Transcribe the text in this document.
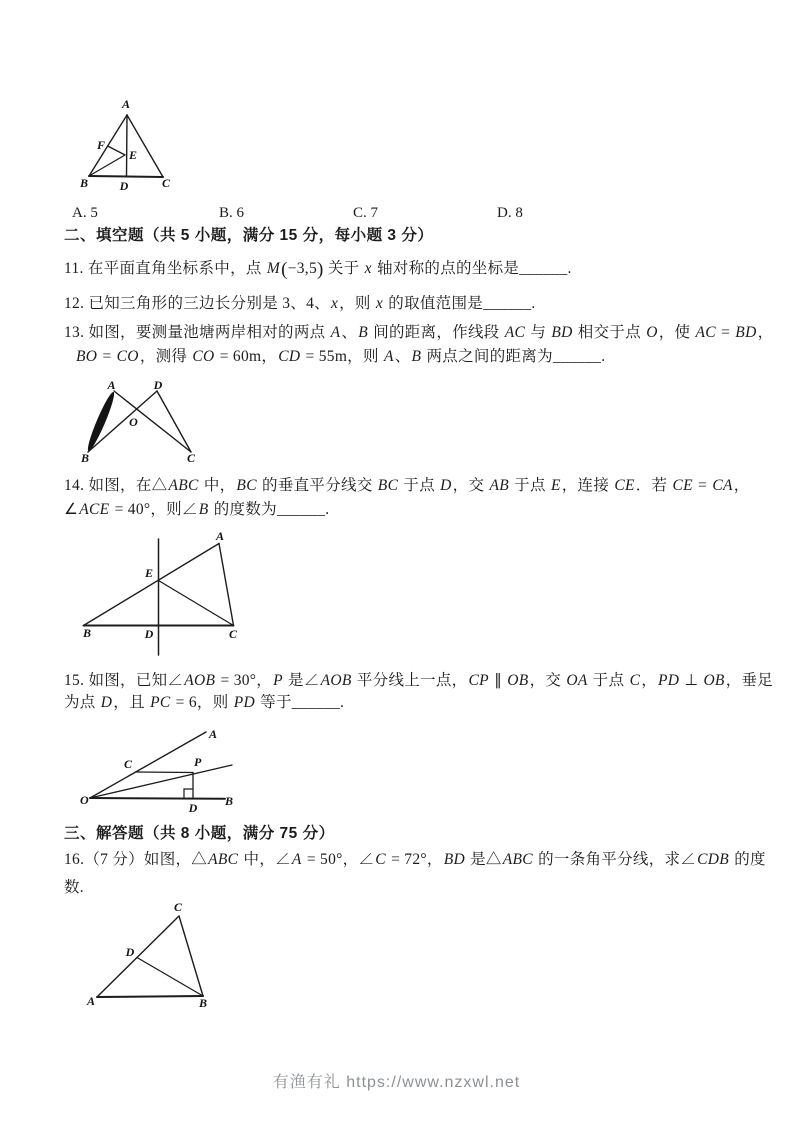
A
B	C
D
E
F
A. 5	B. 6	C. 7	D. 8
二、填空题（共 5 小题，满分 15 分，每小题 3 分）
11. 在平面直角坐标系中，点 M(−3,5) 关于 x 轴对称的点的坐标是______.
12. 已知三角形的三边长分别是 3、4、x，则 x 的取值范围是______.
13. 如图，要测量池塘两岸相对的两点 A、B 间的距离，作线段 AC 与 BD 相交于点 O，使 AC = BD，
BO = CO，测得 CO = 60m，CD = 55m，则 A、B 两点之间的距离为______.
A	D
O
B	C
14. 如图，在△ABC 中，BC 的垂直平分线交 BC 于点 D，交 AB 于点 E，连接 CE．若 CE = CA，
∠ACE = 40°，则∠B 的度数为______.
A
E
B	D	C
15. 如图，已知∠AOB = 30°，P 是∠AOB 平分线上一点，CP ∥ OB，交 OA 于点 C，PD ⊥ OB，垂足
为点 D，且 PC = 6，则 PD 等于______.
A
C	P
O
D B
三、解答题（共 8 小题，满分 75 分）
16.（7 分）如图，△ABC 中，∠A = 50°，∠C = 72°，BD 是△ABC 的一条角平分线，求∠CDB 的度
数.
C
D
A	B
有渔有礼 https://www.nzxwl.net
